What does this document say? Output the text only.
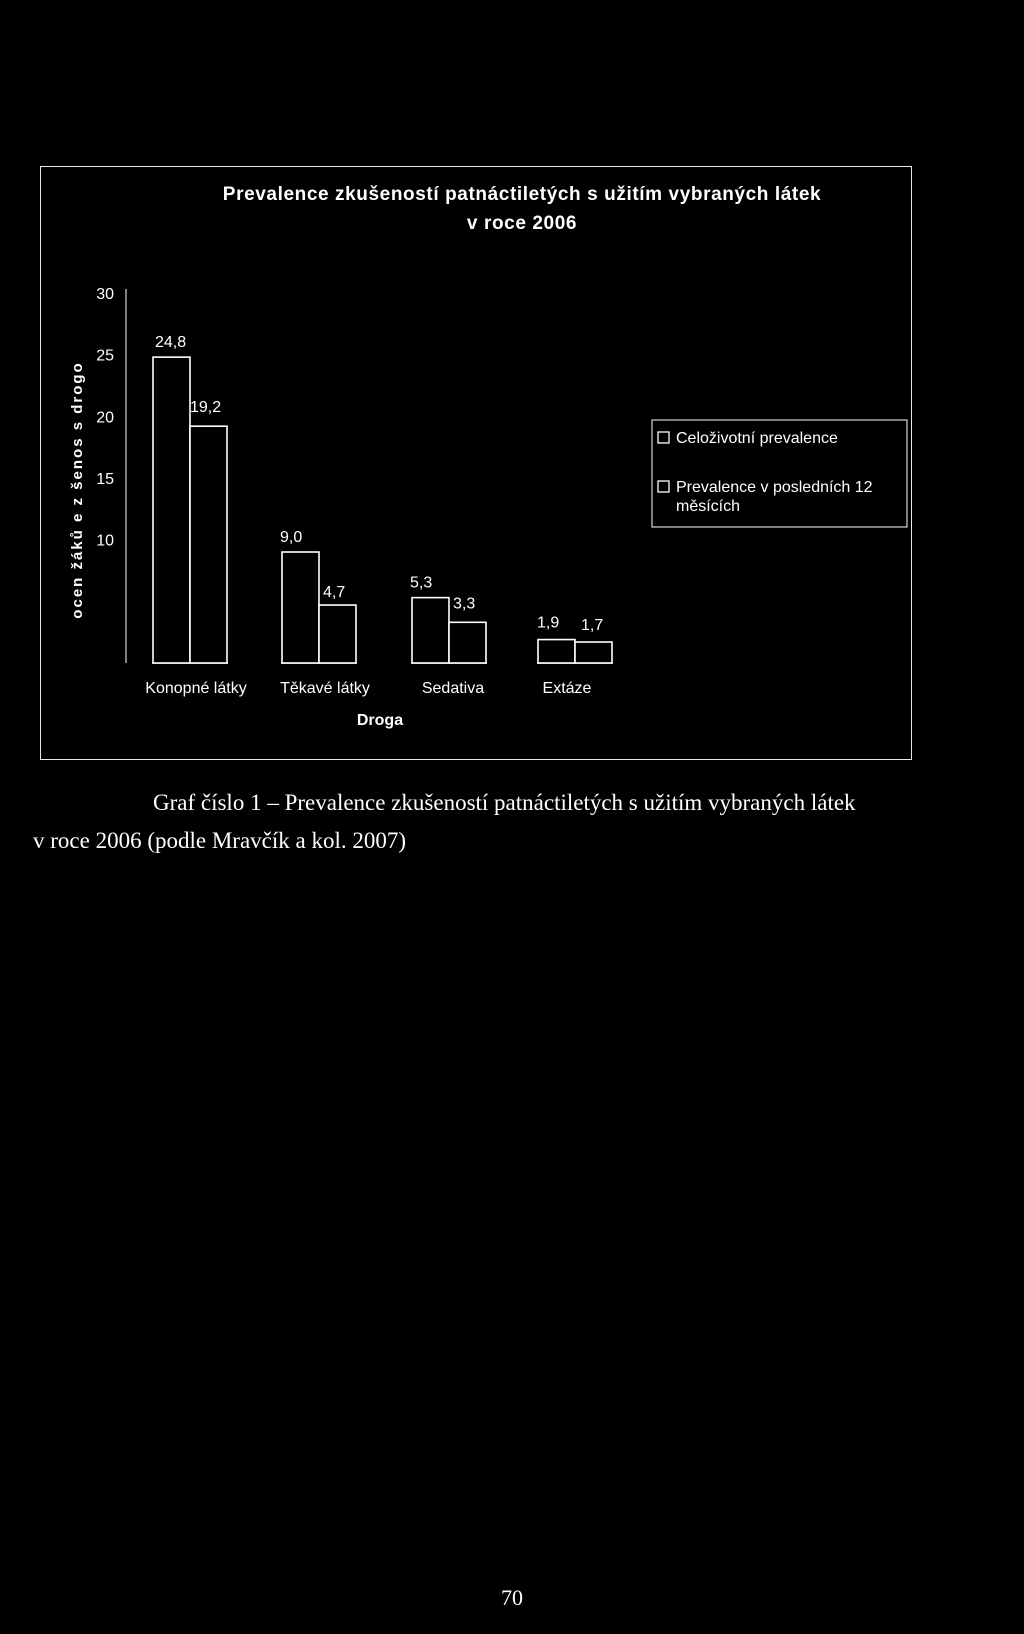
Prevalence zkušeností patnáctiletých s užitím vybraných látek
v roce 2006
30
25
20
15
10
ocen žáků e z šenos s drogo
24,8
9,0
5,3
1,9
19,2
4,7
3,3
1,7
Konopné látky Těkavé látky	Sedativa	Extáze
Droga
Celoživotní prevalence
Prevalence v posledních 12 měsících
Graf číslo 1 – Prevalence zkušeností patnáctiletých s užitím vybraných látek
v roce 2006 (podle Mravčík a kol. 2007)
70
